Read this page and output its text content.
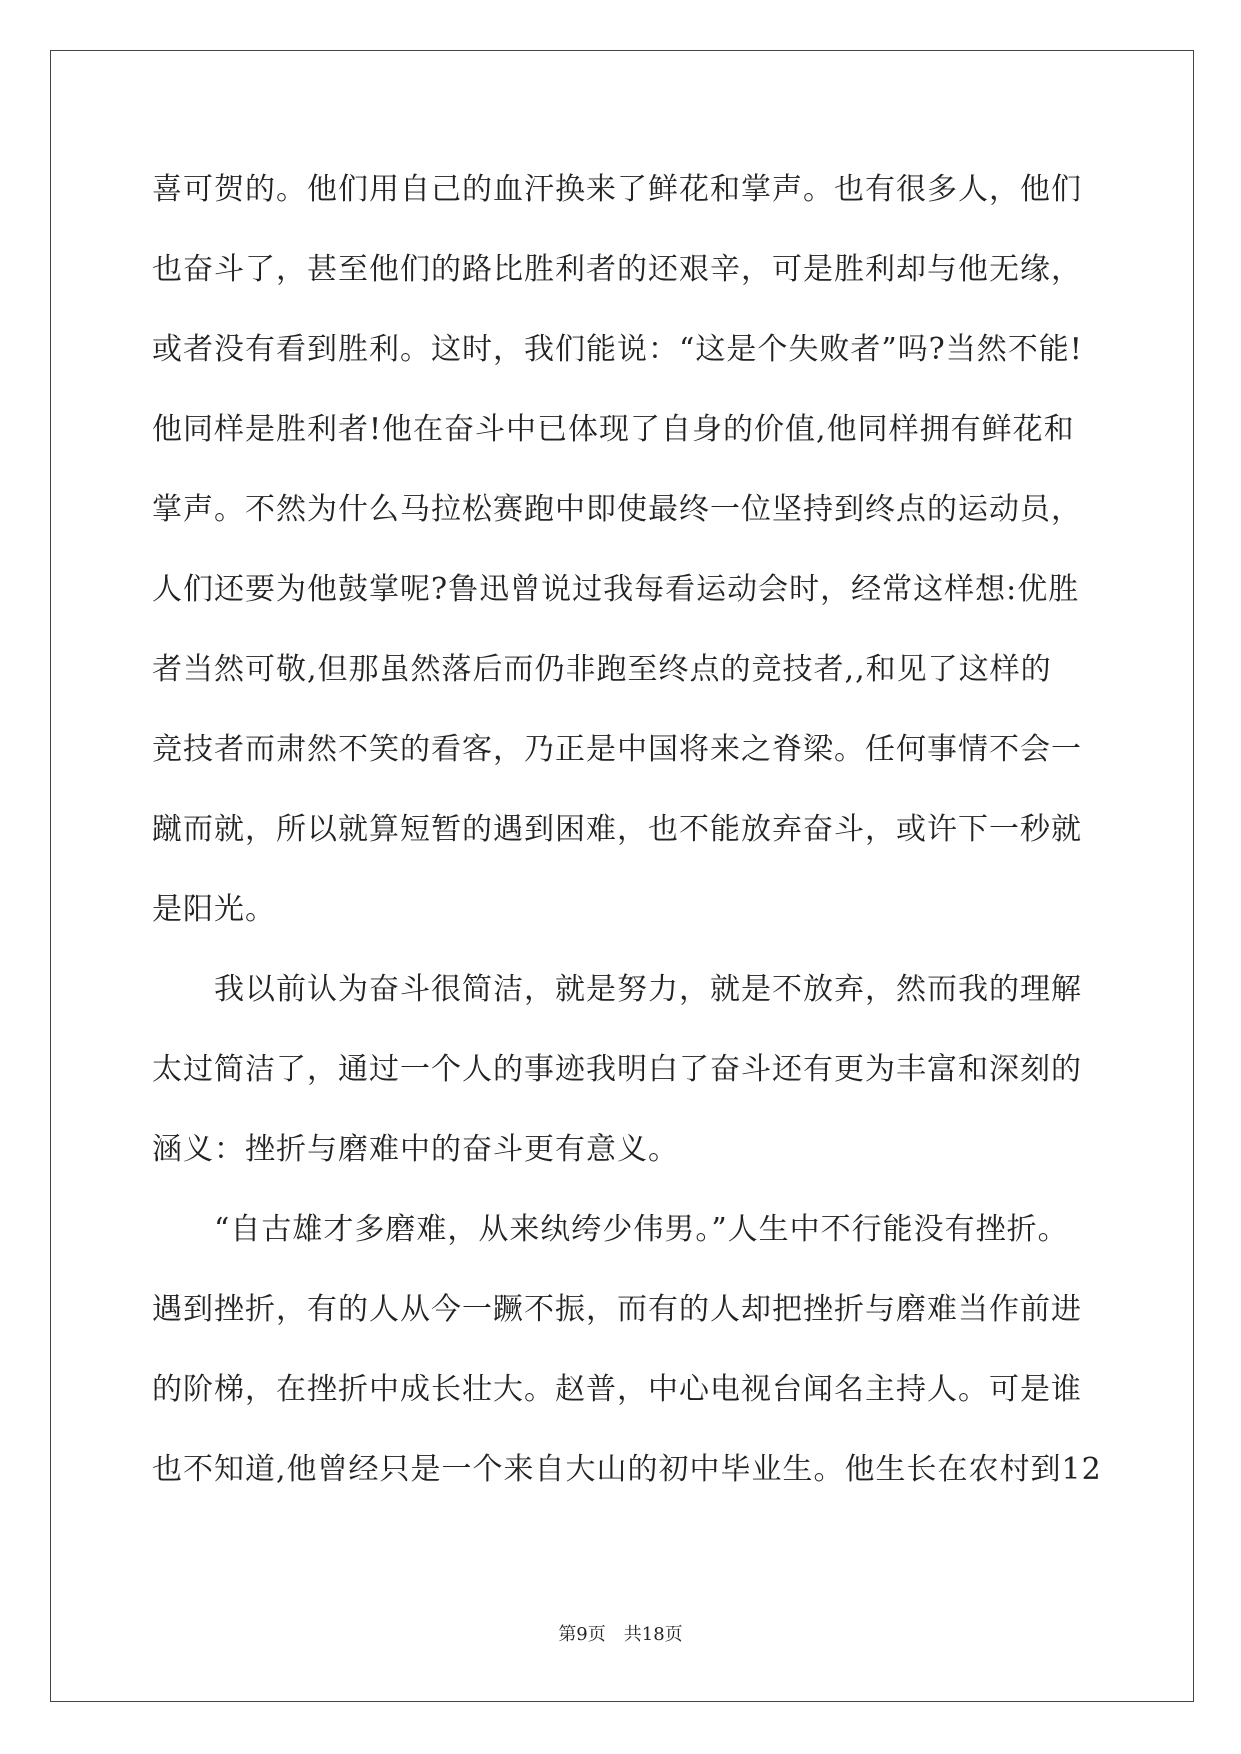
喜可贺的。他们用自己的血汗换来了鲜花和掌声。也有很多人，他们
也奋斗了，甚至他们的路比胜利者的还艰辛，可是胜利却与他无缘，
或者没有看到胜利。这时，我们能说：“这是个失败者”吗?当然不能!
他同样是胜利者!他在奋斗中已体现了自身的价值,他同样拥有鲜花和
掌声。不然为什么马拉松赛跑中即使最终一位坚持到终点的运动员，
人们还要为他鼓掌呢?鲁迅曾说过我每看运动会时，经常这样想:优胜
者当然可敬,但那虽然落后而仍非跑至终点的竞技者,,和见了这样的
竞技者而肃然不笑的看客，乃正是中国将来之脊梁。任何事情不会一
蹴而就，所以就算短暂的遇到困难，也不能放弃奋斗，或许下一秒就
是阳光。
我以前认为奋斗很简洁，就是努力，就是不放弃，然而我的理解
太过简洁了，通过一个人的事迹我明白了奋斗还有更为丰富和深刻的
涵义：挫折与磨难中的奋斗更有意义。
“自古雄才多磨难，从来纨绔少伟男。”人生中不行能没有挫折。
遇到挫折，有的人从今一蹶不振，而有的人却把挫折与磨难当作前进
的阶梯，在挫折中成长壮大。赵普，中心电视台闻名主持人。可是谁
也不知道,他曾经只是一个来自大山的初中毕业生。他生长在农村到12
第9页　共18页
